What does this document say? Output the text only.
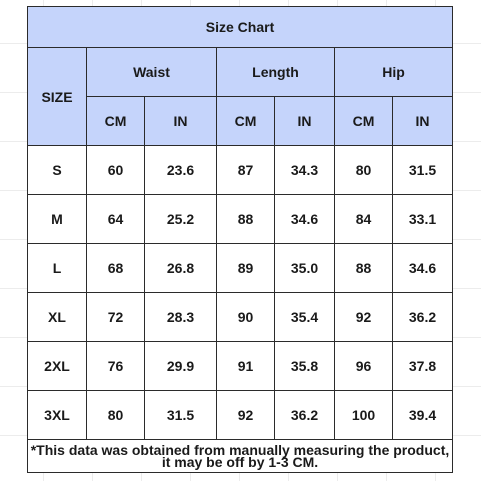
Size Chart						
SIZE	Waist		Length		Hip	
	CM	IN	CM	IN	CM	IN
S	60	23.6	87	34.3	80	31.5
M	64	25.2	88	34.6	84	33.1
L	68	26.8	89	35.0	88	34.6
XL	72	28.3	90	35.4	92	36.2
2XL	76	29.9	91	35.8	96	37.8
3XL	80	31.5	92	36.2	100	39.4
*This data was obtained from manually measuring the product, it may be off by 1-3 CM.						
